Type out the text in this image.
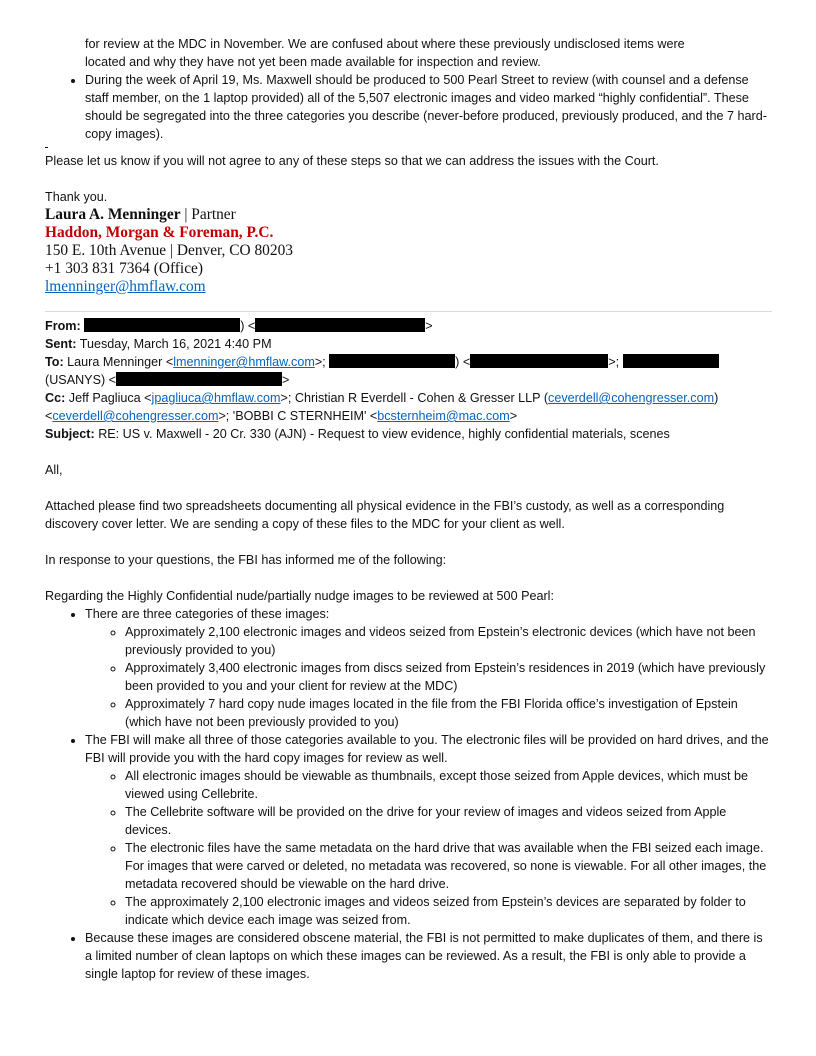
for review at the MDC in November. We are confused about where these previously undisclosed items were
located and why they have not yet been made available for inspection and review.

• During the week of April 19, Ms. Maxwell should be produced to 500 Pearl Street to review (with counsel and a defense staff member, on the 1 laptop provided) all of the 5,507 electronic images and video marked “highly confidential”. These should be segregated into the three categories you describe (never-before produced, previously produced, and the 7 hard-copy images).

Please let us know if you will not agree to any of these steps so that we can address the issues with the Court.

Thank you.

Laura A. Menninger | Partner
Haddon, Morgan & Foreman, P.C.
150 E. 10th Avenue | Denver, CO 80203
+1 303 831 7364 (Office)
lmenninger@hmflaw.com
From:	) <	>
Sent: Tuesday, March 16, 2021 4:40 PM
To: Laura Menninger <lmenninger@hmflaw.com>;	) <	>;
(USANYS) <	>
Cc: Jeff Pagliuca <jpagliuca@hmflaw.com>; Christian R Everdell - Cohen & Gresser LLP (ceverdell@cohengresser.com)
<ceverdell@cohengresser.com>; 'BOBBI C STERNHEIM' <bcsternheim@mac.com>
Subject: RE: US v. Maxwell - 20 Cr. 330 (AJN) - Request to view evidence, highly confidential materials, scenes

All,

Attached please find two spreadsheets documenting all physical evidence in the FBI’s custody, as well as a corresponding discovery cover letter. We are sending a copy of these files to the MDC for your client as well.

In response to your questions, the FBI has informed me of the following:

Regarding the Highly Confidential nude/partially nudge images to be reviewed at 500 Pearl:

• There are three categories of these images:
◦ Approximately 2,100 electronic images and videos seized from Epstein’s electronic devices (which have not been previously provided to you)
◦ Approximately 3,400 electronic images from discs seized from Epstein’s residences in 2019 (which have previously been provided to you and your client for review at the MDC)
◦ Approximately 7 hard copy nude images located in the file from the FBI Florida office’s investigation of Epstein (which have not been previously provided to you)
• The FBI will make all three of those categories available to you. The electronic files will be provided on hard drives, and the FBI will provide you with the hard copy images for review as well.
◦ All electronic images should be viewable as thumbnails, except those seized from Apple devices, which must be viewed using Cellebrite.
◦ The Cellebrite software will be provided on the drive for your review of images and videos seized from Apple devices.
◦ The electronic files have the same metadata on the hard drive that was available when the FBI seized each image. For images that were carved or deleted, no metadata was recovered, so none is viewable. For all other images, the metadata recovered should be viewable on the hard drive.
◦ The approximately 2,100 electronic images and videos seized from Epstein’s devices are separated by folder to indicate which device each image was seized from.
• Because these images are considered obscene material, the FBI is not permitted to make duplicates of them, and there is a limited number of clean laptops on which these images can be reviewed. As a result, the FBI is only able to provide a single laptop for review of these images.
